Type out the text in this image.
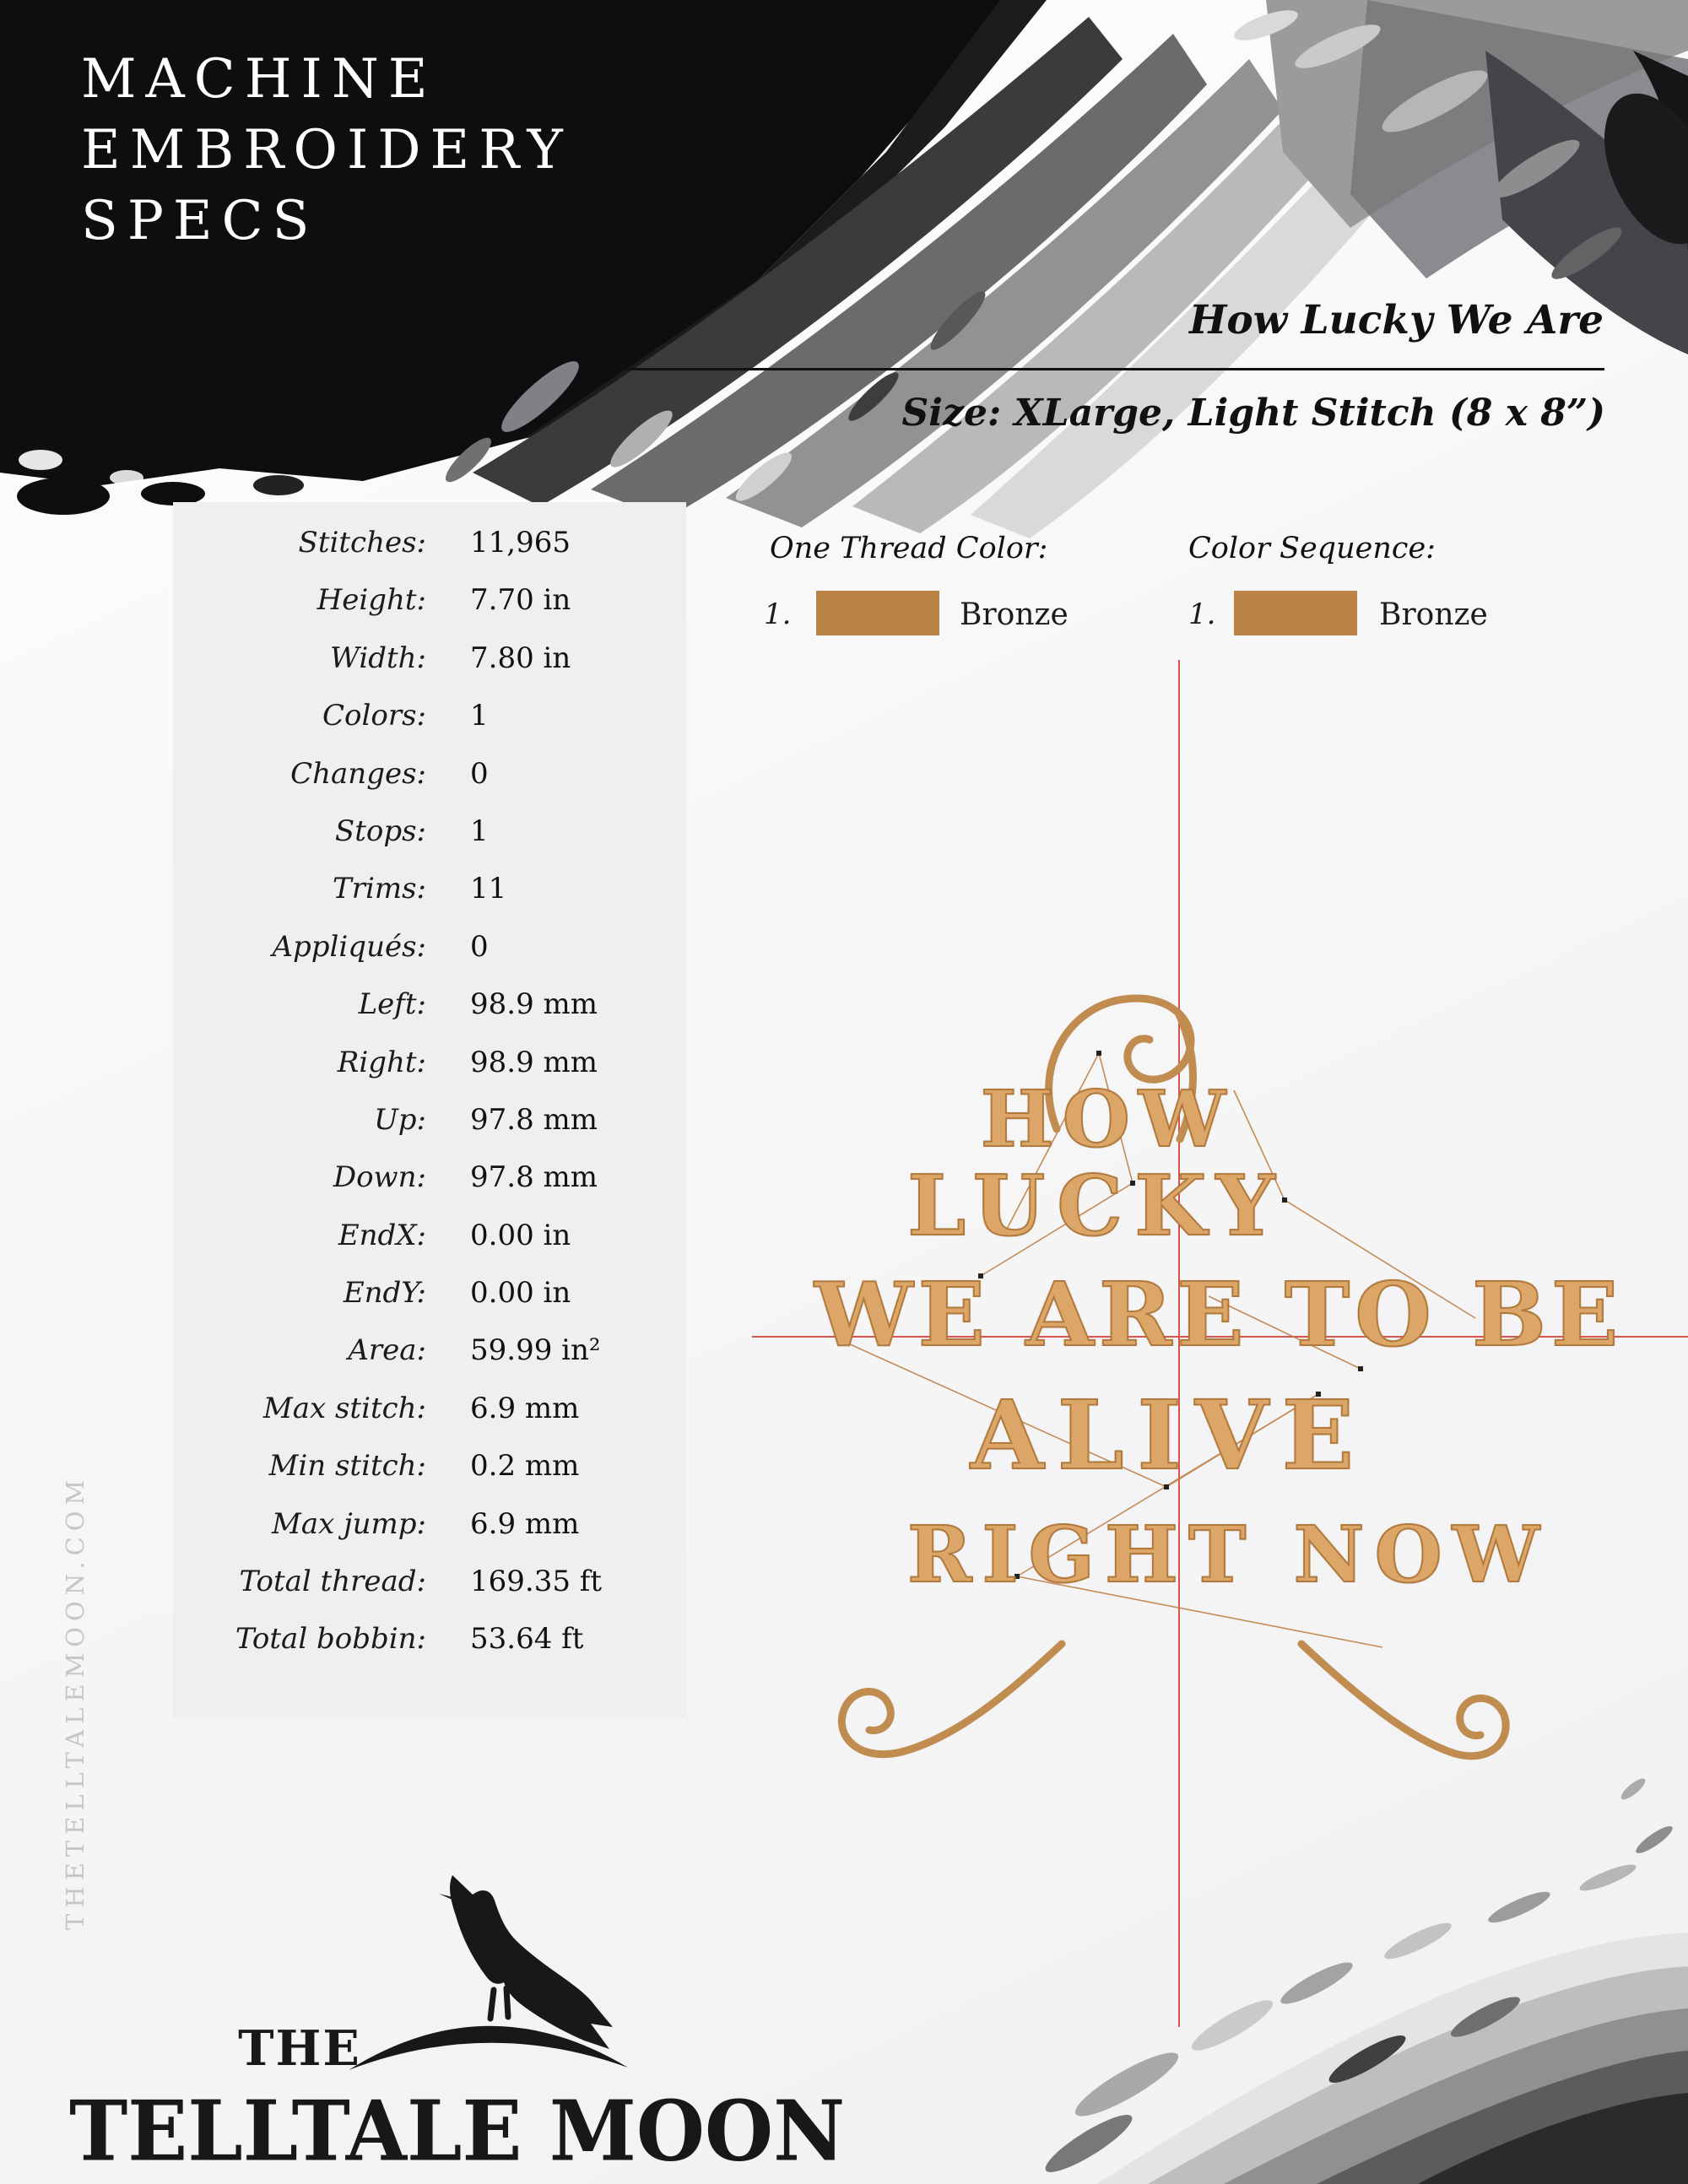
MACHINE
EMBROIDERY
SPECS
How Lucky We Are
Size: XLarge, Light Stitch (8 x 8”)
Stitches: 11,965
Height: 7.70 in
Width: 7.80 in
Colors: 1
Changes: 0
Stops: 1
Trims: 11
Appliqués: 0
Left: 98.9 mm
Right: 98.9 mm
Up: 97.8 mm
Down: 97.8 mm
EndX: 0.00 in
EndY: 0.00 in
Area: 59.99 in²
Max stitch: 6.9 mm
Min stitch: 0.2 mm
Max jump: 6.9 mm
Total thread: 169.35 ft
Total bobbin: 53.64 ft
One Thread Color:	Color Sequence:
1.	Bronze	1.	Bronze
HOW
LUCKY
WE ARE TO BE
ALIVE
RIGHT NOW
THETELLTALEMOON.COM
THE
TELLTALE MOON
